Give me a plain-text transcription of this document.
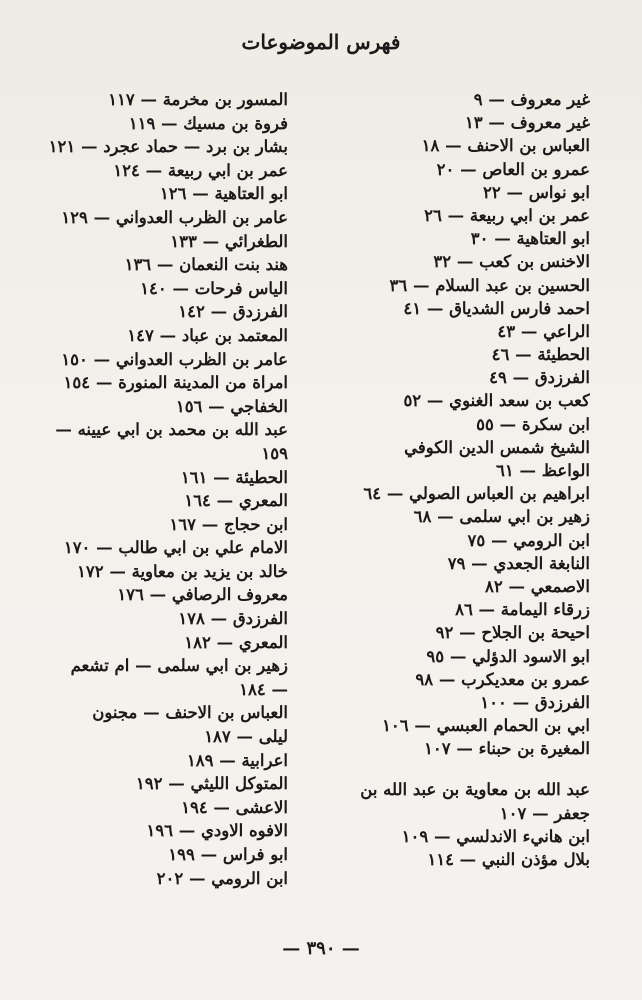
فهرس الموضوعات
غير معروف — ٩
غير معروف — ١٣
العباس بن الاحنف — ١٨
عمرو بن العاص — ٢٠
ابو نواس — ٢٢
عمر بن ابي ربيعة — ٢٦
ابو العتاهية — ٣٠
الاخنس بن كعب — ٣٢
الحسين بن عبد السلام — ٣٦
احمد فارس الشدياق — ٤١
الراعي — ٤٣
الحطيئة — ٤٦
الفرزدق — ٤٩
كعب بن سعد الغنوي — ٥٢
ابن سكرة — ٥٥
الشيخ شمس الدين الكوفي
الواعظ — ٦١
ابراهيم بن العباس الصولي — ٦٤
زهير بن ابي سلمى — ٦٨
ابن الرومي — ٧٥
النابغة الجعدي — ٧٩
الاصمعي — ٨٢
زرقاء اليمامة — ٨٦
احيحة بن الجلاح — ٩٢
ابو الاسود الدؤلي — ٩٥
عمرو بن معديكرب — ٩٨
الفرزدق — ١٠٠
ابي بن الحمام العبسي — ١٠٦
المغيرة بن حبناء — ١٠٧
عبد الله بن معاوية بن عبد الله بن
جعفر — ١٠٧
ابن هانيء الاندلسي — ١٠٩
بلال مؤذن النبي — ١١٤
المسور بن مخرمة — ١١٧
فروة بن مسيك — ١١٩
بشار بن برد — حماد عجرد — ١٢١
عمر بن ابي ربيعة — ١٢٤
ابو العتاهية — ١٢٦
عامر بن الظرب العدواني — ١٢٩
الطغرائي — ١٣٣
هند بنت النعمان — ١٣٦
الياس فرحات — ١٤٠
الفرزدق — ١٤٢
المعتمد بن عباد — ١٤٧
عامر بن الظرب العدواني — ١٥٠
امراة من المدينة المنورة — ١٥٤
الخفاجي — ١٥٦
عبد الله بن محمد بن ابي عيينه —
١٥٩
الحطيئة — ١٦١
المعري — ١٦٤
ابن حجاج — ١٦٧
الامام علي بن ابي طالب — ١٧٠
خالد بن يزيد بن معاوية — ١٧٢
معروف الرصافي — ١٧٦
الفرزدق — ١٧٨
المعري — ١٨٢
زهير بن ابي سلمى — ام تشعم
— ١٨٤
العباس بن الاحنف — مجنون
ليلى — ١٨٧
اعرابية — ١٨٩
المتوكل الليثي — ١٩٢
الاعشى — ١٩٤
الافوه الاودي — ١٩٦
ابو فراس — ١٩٩
ابن الرومي — ٢٠٢
— ٣٩٠ —
